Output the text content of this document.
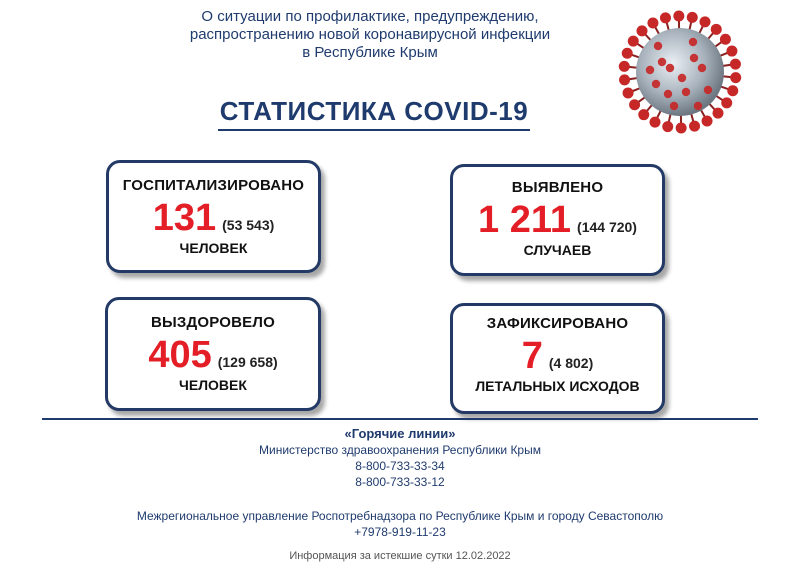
О ситуации по профилактике, предупреждению,
распространению новой коронавирусной инфекции
в Республике Крым
СТАТИСТИКА COVID-19
ГОСПИТАЛИЗИРОВАНО
131 (53 543)
ЧЕЛОВЕК
ВЫЯВЛЕНО
1 211 (144 720)
СЛУЧАЕВ
ВЫЗДОРОВЕЛО
405 (129 658)
ЧЕЛОВЕК
ЗАФИКСИРОВАНО
7 (4 802)
ЛЕТАЛЬНЫХ ИСХОДОВ
«Горячие линии»
Министерство здравоохранения Республики Крым
8-800-733-33-34
8-800-733-33-12
Межрегиональное управление Роспотребнадзора по Республике Крым и городу Севастополю
+7978-919-11-23
Информация за истекшие сутки 12.02.2022
